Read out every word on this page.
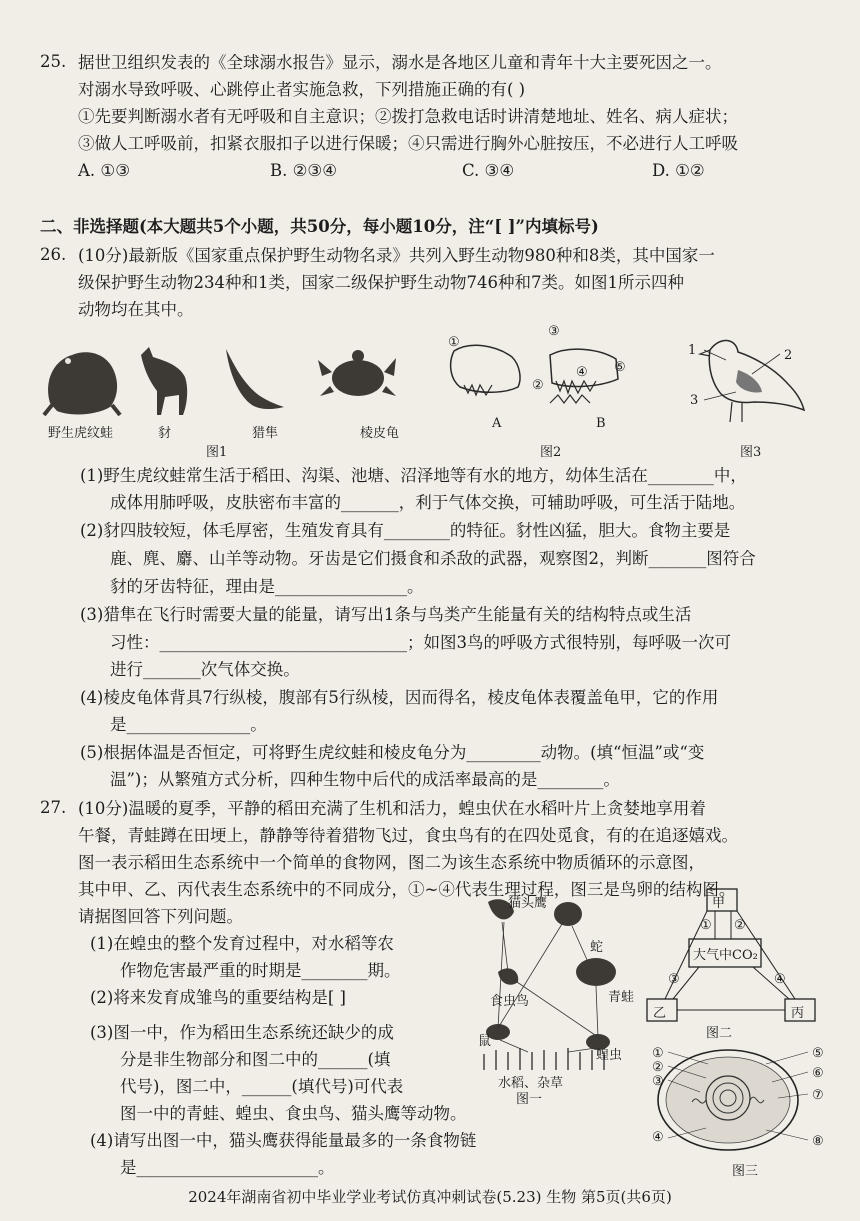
25. 据世卫组织发表的《全球溺水报告》显示，溺水是各地区儿童和青年十大主要死因之一。
对溺水导致呼吸、心跳停止者实施急救，下列措施正确的有( )
①先要判断溺水者有无呼吸和自主意识；②拨打急救电话时讲清楚地址、姓名、病人症状；
③做人工呼吸前，扣紧衣服扣子以进行保暖；④只需进行胸外心脏按压，不必进行人工呼吸
A. ①③	B. ②③④	C. ③④	D. ①②
二、非选择题(本大题共5个小题，共50分，每小题10分，注“[ ]”内填标号)
26. (10分)最新版《国家重点保护野生动物名录》共列入野生动物980种和8类，其中国家一
级保护野生动物234种和1类，国家二级保护野生动物746种和7类。如图1所示四种
动物均在其中。
野生虎纹蛙	豺	猎隼	棱皮龟
图1
①
②
③
④ ⑤
A	B
图2
1	2
3
图3
(1)野生虎纹蛙常生活于稻田、沟渠、池塘、沼泽地等有水的地方，幼体生活在________中，
成体用肺呼吸，皮肤密布丰富的_______，利于气体交换，可辅助呼吸，可生活于陆地。
(2)豺四肢较短，体毛厚密，生殖发育具有________的特征。豺性凶猛，胆大。食物主要是
鹿、麂、麝、山羊等动物。牙齿是它们摄食和杀敌的武器，观察图2，判断_______图符合
豺的牙齿特征，理由是________________。
(3)猎隼在飞行时需要大量的能量，请写出1条与鸟类产生能量有关的结构特点或生活
习性：______________________________；如图3鸟的呼吸方式很特别，每呼吸一次可
进行_______次气体交换。
(4)棱皮龟体背具7行纵棱，腹部有5行纵棱，因而得名，棱皮龟体表覆盖龟甲，它的作用
是_______________。
(5)根据体温是否恒定，可将野生虎纹蛙和棱皮龟分为_________动物。(填“恒温”或“变
温”)；从繁殖方式分析，四种生物中后代的成活率最高的是________。
27. (10分)温暖的夏季，平静的稻田充满了生机和活力，蝗虫伏在水稻叶片上贪婪地享用着
午餐，青蛙蹲在田埂上，静静等待着猎物飞过，食虫鸟有的在四处觅食，有的在追逐嬉戏。
图一表示稻田生态系统中一个简单的食物网，图二为该生态系统中物质循环的示意图，
其中甲、乙、丙代表生态系统中的不同成分，①~④代表生理过程，图三是鸟卵的结构图。
请据图回答下列问题。
(1)在蝗虫的整个发育过程中，对水稻等农
作物危害最严重的时期是________期。
(2)将来发育成雏鸟的重要结构是[ ]
(3)图一中，作为稻田生态系统还缺少的成
分是非生物部分和图二中的______(填
代号)，图二中，______(填代号)可代表
图一中的青蛙、蝗虫、食虫鸟、猫头鹰等动物。
(4)请写出图一中，猫头鹰获得能量最多的一条食物链
是______________________。
猫头鹰
蛇
食虫鸟	青蛙
鼠
蝗虫
水稻、杂草
图一
甲
乙	丙
大气中CO₂
① ②
③	④
图二
①
②
③
④
⑤
⑥
⑦
⑧
图三
2024年湖南省初中毕业学业考试仿真冲刺试卷(5.23) 生物 第5页(共6页)
